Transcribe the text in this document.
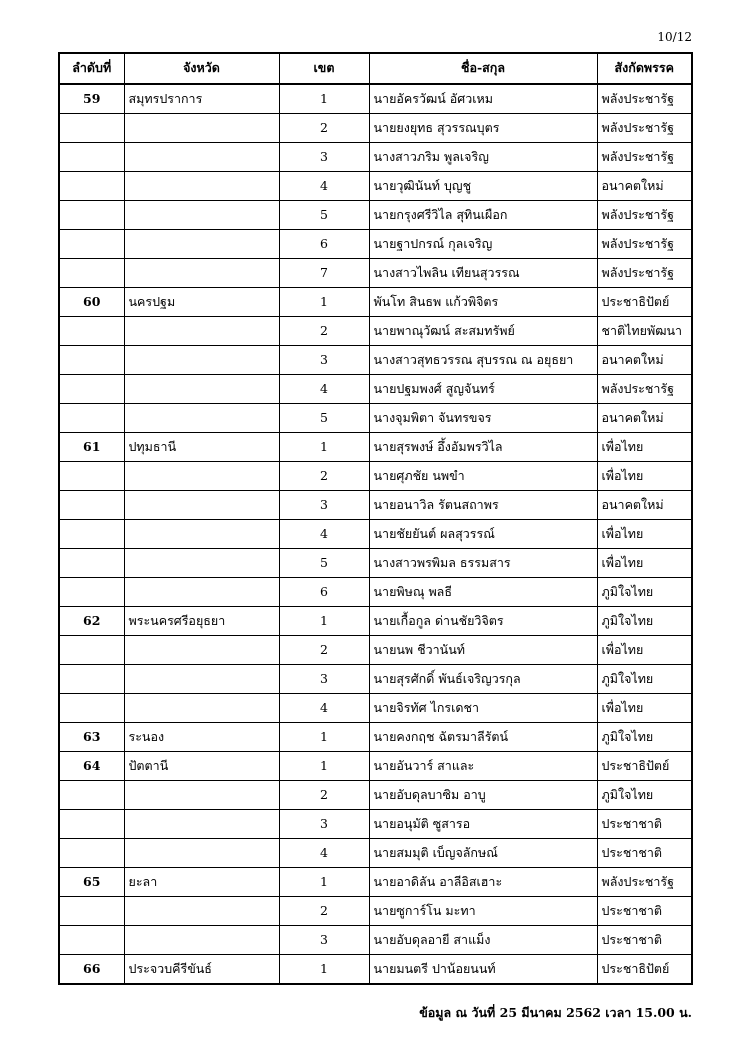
10/12
ลำดับที่	จังหวัด	เขต	ชื่อ-สกุล	สังกัดพรรค
59	สมุทรปราการ	1	นายอัครวัฒน์ อัศวเหม	พลังประชารัฐ
		2	นายยงยุทธ สุวรรณบุตร	พลังประชารัฐ
		3	นางสาวภริม พูลเจริญ	พลังประชารัฐ
		4	นายวุฒินันท์ บุญชู	อนาคตใหม่
		5	นายกรุงศรีวิไล สุทินเผือก	พลังประชารัฐ
		6	นายฐาปกรณ์ กุลเจริญ	พลังประชารัฐ
		7	นางสาวไพลิน เทียนสุวรรณ	พลังประชารัฐ
60	นครปฐม	1	พันโท สินธพ แก้วพิจิตร	ประชาธิปัตย์
		2	นายพาณุวัฒน์ สะสมทรัพย์	ชาติไทยพัฒนา
		3	นางสาวสุทธวรรณ สุบรรณ ณ อยุธยา	อนาคตใหม่
		4	นายปฐมพงศ์ สูญจันทร์	พลังประชารัฐ
		5	นางจุมพิตา จันทรขจร	อนาคตใหม่
61	ปทุมธานี	1	นายสุรพงษ์ อึ้งอัมพรวิไล	เพื่อไทย
		2	นายศุภชัย นพขำ	เพื่อไทย
		3	นายอนาวิล รัตนสถาพร	อนาคตใหม่
		4	นายชัยยันต์ ผลสุวรรณ์	เพื่อไทย
		5	นางสาวพรพิมล ธรรมสาร	เพื่อไทย
		6	นายพิษณุ พลธี	ภูมิใจไทย
62	พระนครศรีอยุธยา	1	นายเกื้อกูล ด่านชัยวิจิตร	ภูมิใจไทย
		2	นายนพ ชีวานันท์	เพื่อไทย
		3	นายสุรศักดิ์ พันธ์เจริญวรกุล	ภูมิใจไทย
		4	นายจิรทัศ ไกรเดชา	เพื่อไทย
63	ระนอง	1	นายคงกฤช ฉัตรมาลีรัตน์	ภูมิใจไทย
64	ปัตตานี	1	นายอันวาร์ สาและ	ประชาธิปัตย์
		2	นายอับดุลบาซิม อาบู	ภูมิใจไทย
		3	นายอนุมัติ ซูสารอ	ประชาชาติ
		4	นายสมมุติ เบ็ญจลักษณ์	ประชาชาติ
65	ยะลา	1	นายอาดิลัน อาลีอิสเฮาะ	พลังประชารัฐ
		2	นายซูการ์โน มะทา	ประชาชาติ
		3	นายอับดุลอายี สาแม็ง	ประชาชาติ
66	ประจวบคีรีขันธ์	1	นายมนตรี ปาน้อยนนท์	ประชาธิปัตย์
ข้อมูล ณ วันที่ 25 มีนาคม 2562 เวลา 15.00 น.
